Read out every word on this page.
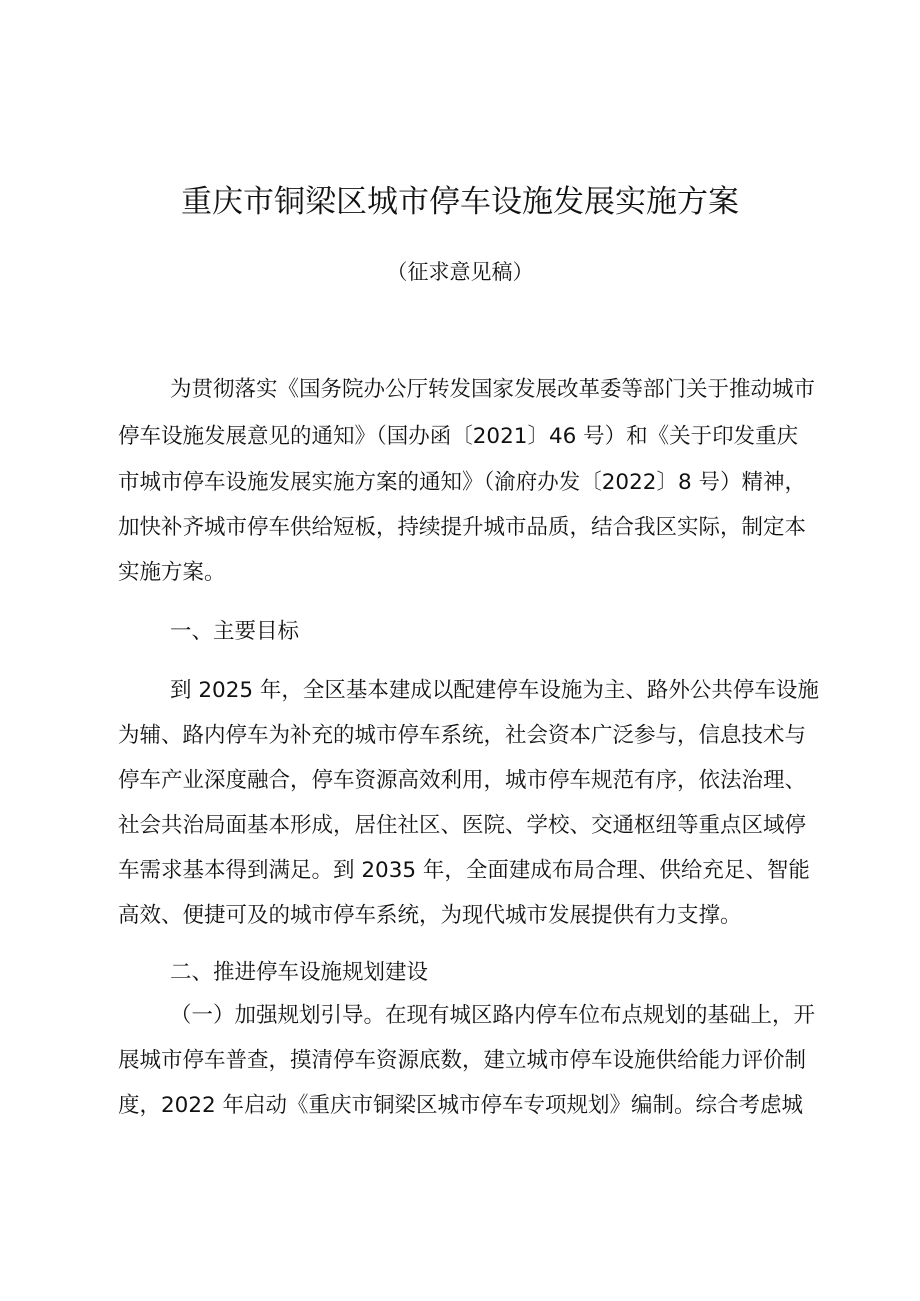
重庆市铜梁区城市停车设施发展实施方案
（征求意见稿）
为贯彻落实《国务院办公厅转发国家发展改革委等部门关于推动城市
停车设施发展意见的通知》（国办函〔2021〕46 号）和《关于印发重庆
市城市停车设施发展实施方案的通知》（渝府办发〔2022〕8 号）精神，
加快补齐城市停车供给短板，持续提升城市品质，结合我区实际，制定本
实施方案。
一、主要目标
到 2025 年，全区基本建成以配建停车设施为主、路外公共停车设施
为辅、路内停车为补充的城市停车系统，社会资本广泛参与，信息技术与
停车产业深度融合，停车资源高效利用，城市停车规范有序，依法治理、
社会共治局面基本形成，居住社区、医院、学校、交通枢纽等重点区域停
车需求基本得到满足。到 2035 年，全面建成布局合理、供给充足、智能
高效、便捷可及的城市停车系统，为现代城市发展提供有力支撑。
二、推进停车设施规划建设
（一）加强规划引导。在现有城区路内停车位布点规划的基础上，开
展城市停车普查，摸清停车资源底数，建立城市停车设施供给能力评价制
度，2022 年启动《重庆市铜梁区城市停车专项规划》编制。综合考虑城
